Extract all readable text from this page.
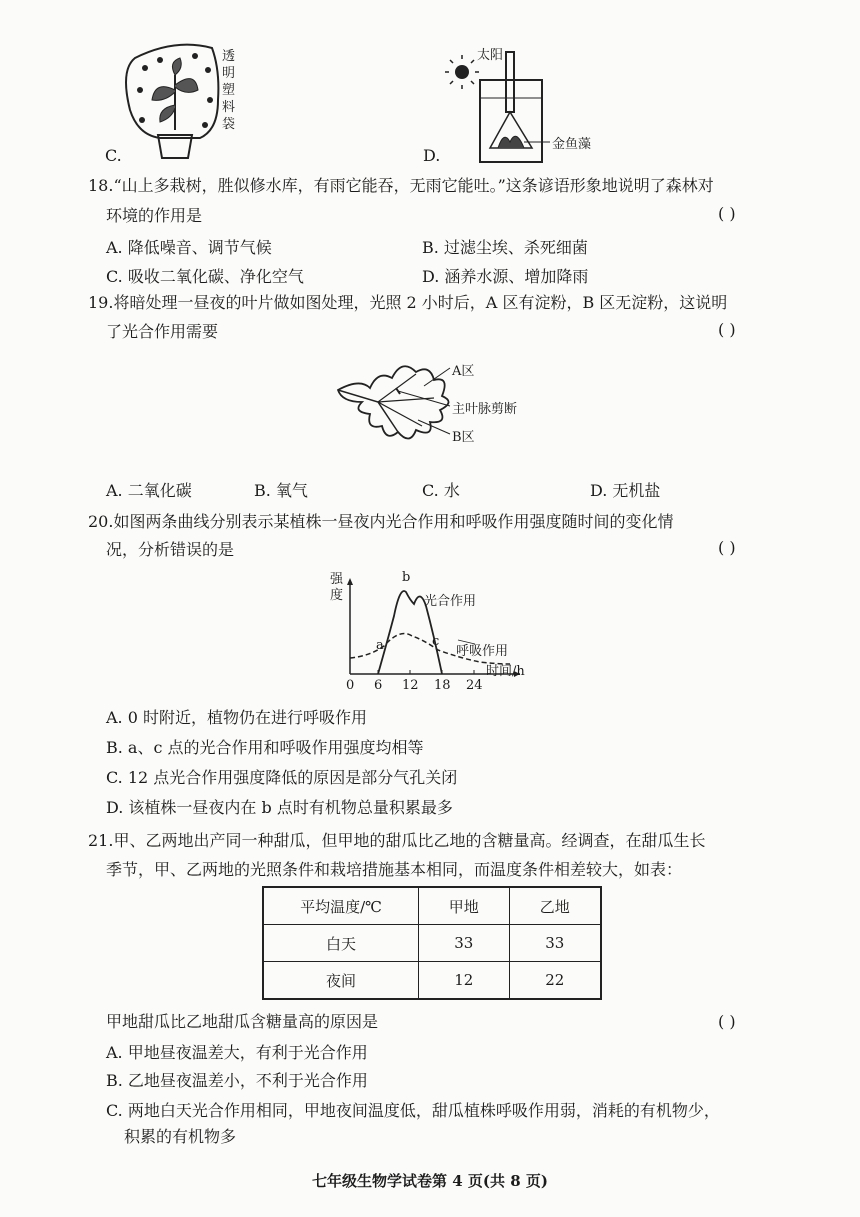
C.
透明塑料袋
D.
太阳
金鱼藻
18.“山上多栽树，胜似修水库，有雨它能吞，无雨它能吐。”这条谚语形象地说明了森林对
环境的作用是	( )
A. 降低噪音、调节气候	B. 过滤尘埃、杀死细菌
C. 吸收二氧化碳、净化空气	D. 涵养水源、增加降雨
19.将暗处理一昼夜的叶片做如图处理，光照 2 小时后，A 区有淀粉，B 区无淀粉，这说明
了光合作用需要	( )
A区
主叶脉剪断
B区
A. 二氧化碳	B. 氧气	C. 水	D. 无机盐
20.如图两条曲线分别表示某植株一昼夜内光合作用和呼吸作用强度随时间的变化情
况，分析错误的是	( )
强度
b
光合作用
a	c
呼吸作用
时间/h
0 6 12 18 24
A. 0 时附近，植物仍在进行呼吸作用
B. a、c 点的光合作用和呼吸作用强度均相等
C. 12 点光合作用强度降低的原因是部分气孔关闭
D. 该植株一昼夜内在 b 点时有机物总量积累最多
21.甲、乙两地出产同一种甜瓜，但甲地的甜瓜比乙地的含糖量高。经调查，在甜瓜生长
季节，甲、乙两地的光照条件和栽培措施基本相同，而温度条件相差较大，如表：
平均温度/℃	甲地	乙地
白天	33	33
夜间	12	22
甲地甜瓜比乙地甜瓜含糖量高的原因是	( )
A. 甲地昼夜温差大，有利于光合作用
B. 乙地昼夜温差小，不利于光合作用
C. 两地白天光合作用相同，甲地夜间温度低，甜瓜植株呼吸作用弱，消耗的有机物少，
积累的有机物多
七年级生物学试卷第 4 页(共 8 页)
